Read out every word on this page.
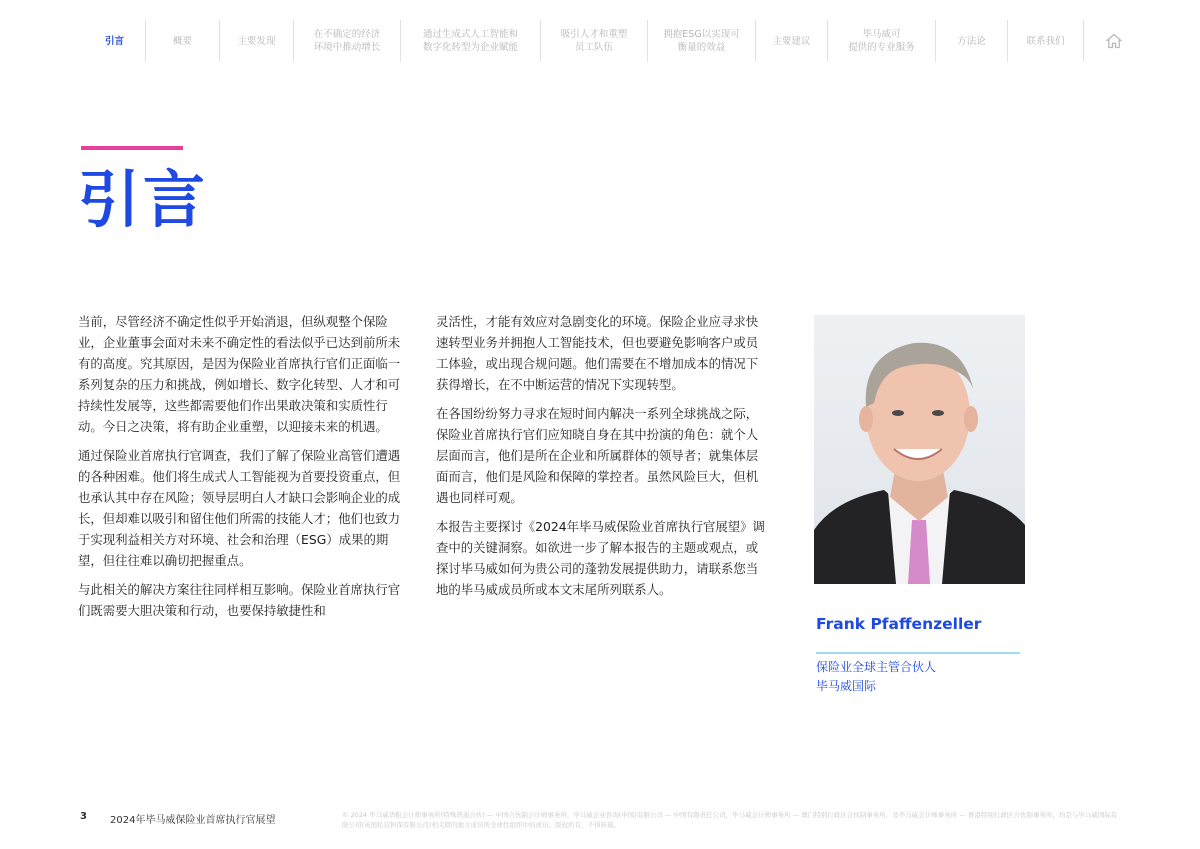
引言	概要	主要发现
在不确定的经济
环境中推动增长
通过生成式人工智能和
数字化转型为企业赋能
吸引人才和重塑
员工队伍
拥抱ESG以实现可
衡量的效益
主要建议
毕马威可
提供的专业服务
方法论	联系我们
引言

当前，尽管经济不确定性似乎开始消退，但纵观整个保险业，企业董事会面对未来不确定性的看法似乎已达到前所未有的高度。究其原因，是因为保险业首席执行官们正面临一系列复杂的压力和挑战，例如增长、数字化转型、人才和可持续性发展等，这些都需要他们作出果敢决策和实质性行动。今日之决策，将有助企业重塑，以迎接未来的机遇。

通过保险业首席执行官调查，我们了解了保险业高管们遭遇的各种困难。他们将生成式人工智能视为首要投资重点，但也承认其中存在风险；领导层明白人才缺口会影响企业的成长，但却难以吸引和留住他们所需的技能人才；他们也致力于实现利益相关方对环境、社会和治理（ESG）成果的期望，但往往难以确切把握重点。

与此相关的解决方案往往同样相互影响。保险业首席执行官们既需要大胆决策和行动，也要保持敏捷性和

灵活性，才能有效应对急剧变化的环境。保险企业应寻求快速转型业务并拥抱人工智能技术，但也要避免影响客户或员工体验，或出现合规问题。他们需要在不增加成本的情况下获得增长，在不中断运营的情况下实现转型。

在各国纷纷努力寻求在短时间内解决一系列全球挑战之际，保险业首席执行官们应知晓自身在其中扮演的角色：就个人层面而言，他们是所在企业和所属群体的领导者；就集体层面而言，他们是风险和保障的掌控者。虽然风险巨大，但机遇也同样可观。

本报告主要探讨《2024年毕马威保险业首席执行官展望》调查中的关键洞察。如欲进一步了解本报告的主题或观点，或探讨毕马威如何为贵公司的蓬勃发展提供助力，请联系您当地的毕马威成员所或本文末尾所列联系人。

Frank Pfaffenzeller
保险业全球主管合伙人
毕马威国际
3 2024年毕马威保险业首席执行官展望	© 2024 毕马威华振会计师事务所(特殊普通合伙) — 中国合伙制会计师事务所，毕马威企业咨询(中国)有限公司 — 中国有限责任公司，毕马威会计师事务所 — 澳门特别行政区合伙制事务所，及毕马威会计师事务所 — 香港特别行政区合伙制事务所，均是与毕马威国际有限公司(英国私营担保有限公司)相关联的独立成员所全球性组织中的成员。版权所有，不得转载。
